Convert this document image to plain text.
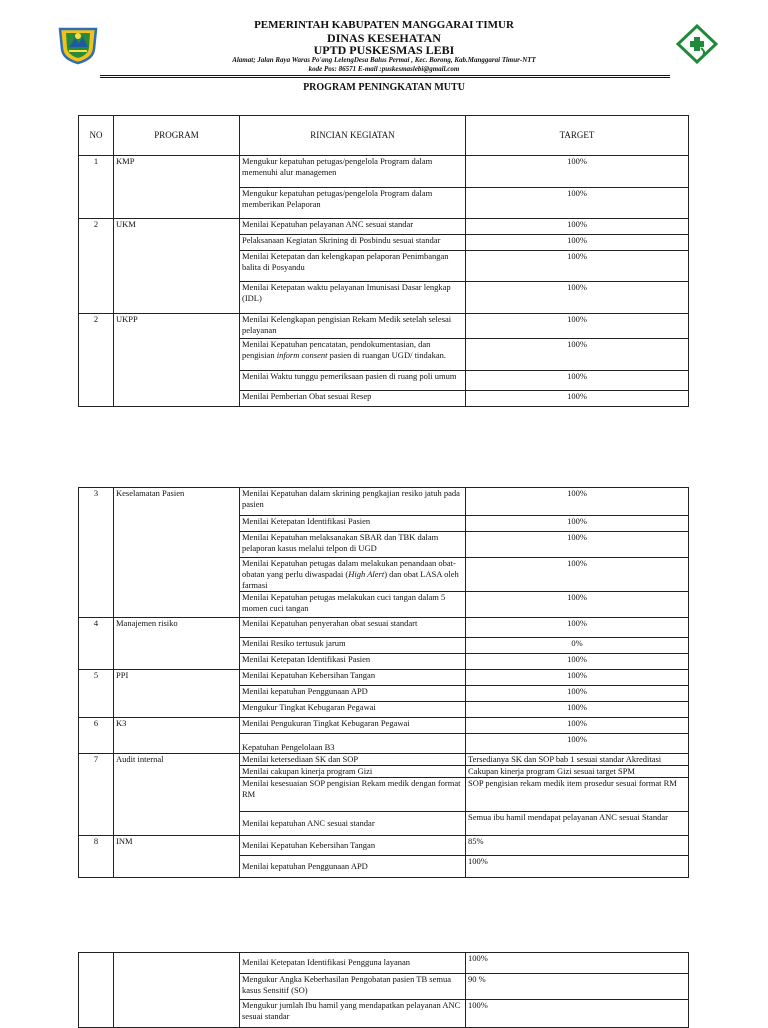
PEMERINTAH KABUPATEN MANGGARAI TIMUR
DINAS KESEHATAN
UPTD PUSKESMAS LEBI
Alamat; Jalan Raya Waras Po'ang LelengDesa Balus Permai , Kec. Borong, Kab.Manggarai Timur-NTT
kode Pos: 86571 E-mail :puskesmaslebi@gmail.com
PROGRAM PENINGKATAN MUTU
NO	PROGRAM	RINCIAN KEGIATAN	TARGET
1	KMP	Mengukur kepatuhan petugas/pengelola Program dalam memenuhi alur managemen	100%
		Mengukur kepatuhan petugas/pengelola Program dalam memberikan Pelaporan	100%
2	UKM	Menilai Kepatuhan pelayanan ANC sesuai standar	100%
		Pelaksanaan Kegiatan Skrining di Posbindu sesuai standar	100%
		Menilai Ketepatan dan kelengkapan pelaporan Penimbangan balita di Posyandu	100%
		Menilai Ketepatan waktu pelayanan Imunisasi Dasar lengkap (IDL)	100%
2	UKPP	Menilai Kelengkapan pengisian Rekam Medik setelah selesai pelayanan	100%
		Menilai Kepatuhan pencatatan, pendokumentasian, dan pengisian inform consent pasien di ruangan UGD/ tindakan.	100%
		Menilai Waktu tunggu pemeriksaan pasien di ruang poli umum	100%
		Menilai Pemberian Obat sesuai Resep	100%
3	Keselamatan Pasien	Menilai Kepatuhan dalam skrining pengkajian resiko jatuh pada pasien	100%
		Menilai Ketepatan Identifikasi Pasien	100%
		Menilai Kepatuhan melaksanakan SBAR dan TBK dalam pelaporan kasus melalui telpon di UGD	100%
		Menilai Kepatuhan petugas dalam melakukan penandaan obat-obatan yang perlu diwaspadai (High Alert) dan obat LASA oleh farmasi	100%
		Menilai Kepatuhan petugas melakukan cuci tangan dalam 5 momen cuci tangan	100%
4	Manajemen risiko	Menilai Kepatuhan penyerahan obat sesuai standart	100%
		Menilai Resiko tertusuk jarum	0%
		Menilai Ketepatan Identifikasi Pasien	100%
5	PPI	Menilai Kepatuhan Kebersihan Tangan	100%
		Menilai kepatuhan Penggunaan APD	100%
		Mengukur Tingkat Kebugaran Pegawai	100%
6	K3	Menilai Pengukuran Tingkat Kebugaran Pegawai	100%
		Kepatuhan Pengelolaan B3	100%
7	Audit internal	Menilai ketersediaan SK dan SOP	Tersedianya SK dan SOP bab 1 sesuai standar Akreditasi
		Menilai cakupan kinerja program Gizi	Cakupan kinerja program Gizi sesuai target SPM
		Menilai kesesuaian SOP pengisian Rekam medik dengan format RM	SOP pengisian rekam medik item prosedur sesuai format RM
		Menilai kepatuhan ANC sesuai standar	Semua ibu hamil mendapat pelayanan ANC sesuai Standar
8	INM	Menilai Kepatuhan Kebersihan Tangan	85%
		Menilai kepatuhan Penggunaan APD	100%
		Menilai Ketepatan Identifikasi Pengguna layanan	100%
		Mengukur Angka Keberhasilan Pengobatan pasien TB semua kasus Sensitif (SO)	90 %
		Mengukur jumlah Ibu hamil yang mendapatkan pelayanan ANC sesuai standar	100%
